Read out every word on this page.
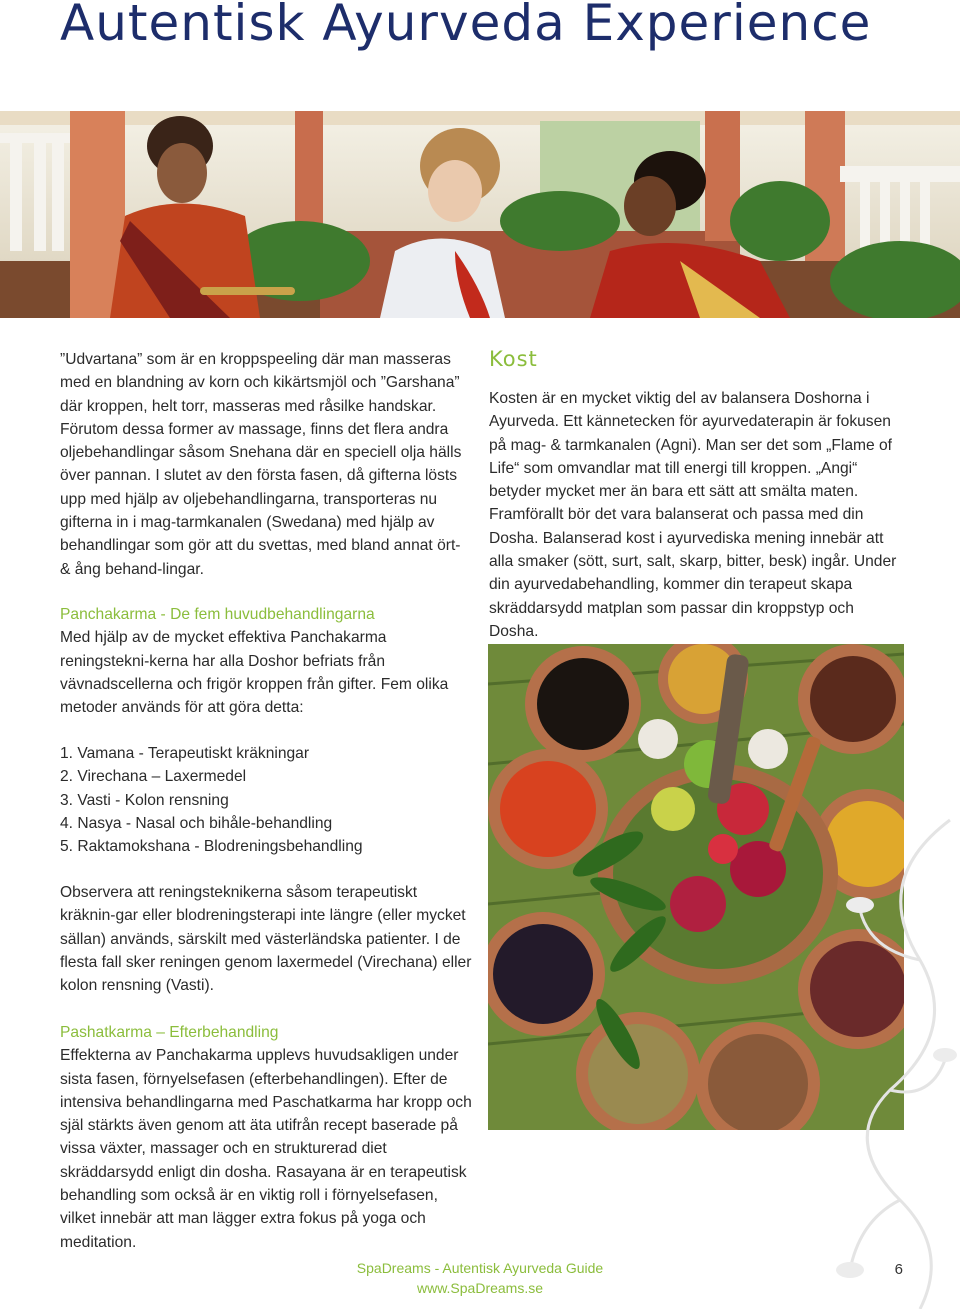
Autentisk Ayurveda Experience

”Udvartana” som är en kroppspeeling där man masseras med en blandning av korn och kikärtsmjöl och ”Garshana” där kroppen, helt torr, masseras med råsilke handskar. Förutom dessa former av massage, finns det flera andra oljebehandlingar såsom Snehana där en speciell olja hälls över pannan. I slutet av den första fasen, då gifterna lösts upp med hjälp av oljebehandlingarna, transporteras nu gifterna in i mag-tarmkanalen (Swedana) med hjälp av behandlingar som gör att du svettas, med bland annat ört- & ång behand-lingar.

Panchakarma - De fem huvudbehandlingarna

Med hjälp av de mycket effektiva Panchakarma reningstekni-kerna har alla Doshor befriats från vävnadscellerna och frigör kroppen från gifter. Fem olika metoder används för att göra detta:

1. Vamana - Terapeutiskt kräkningar

2. Virechana – Laxermedel

3. Vasti - Kolon rensning

4. Nasya - Nasal och bihåle-behandling

5. Raktamokshana - Blodreningsbehandling

Observera att reningsteknikerna såsom terapeutiskt kräknin-gar eller blodreningsterapi inte längre (eller mycket sällan) används, särskilt med västerländska patienter. I de flesta fall sker reningen genom laxermedel (Virechana) eller kolon rensning (Vasti).

Pashatkarma – Efterbehandling

Effekterna av Panchakarma upplevs huvudsakligen under sista fasen, förnyelsefasen (efterbehandlingen). Efter de intensiva behandlingarna med Paschatkarma har kropp och själ stärkts även genom att äta utifrån recept baserade på vissa växter, massager och en strukturerad diet skräddarsydd enligt din dosha. Rasayana är en terapeutisk behandling som också är en viktig roll i förnyelsefasen, vilket innebär att man lägger extra fokus på yoga och meditation.

Kost

Kosten är en mycket viktig del av balansera Doshorna i Ayurveda. Ett kännetecken för ayurvedaterapin är fokusen på mag- & tarmkanalen (Agni). Man ser det som „Flame of Life“ som omvandlar mat till energi till kroppen. „Angi“ betyder mycket mer än bara ett sätt att smälta maten. Framförallt bör det vara balanserat och passa med din Dosha. Balanserad kost i ayurvediska mening innebär att alla smaker (sött, surt, salt, skarp, bitter, besk) ingår. Under din ayurvedabehandling, kommer din terapeut skapa skräddarsydd matplan som passar din kroppstyp och Dosha.

SpaDreams - Autentisk Ayurveda Guide
www.SpaDreams.se
6
